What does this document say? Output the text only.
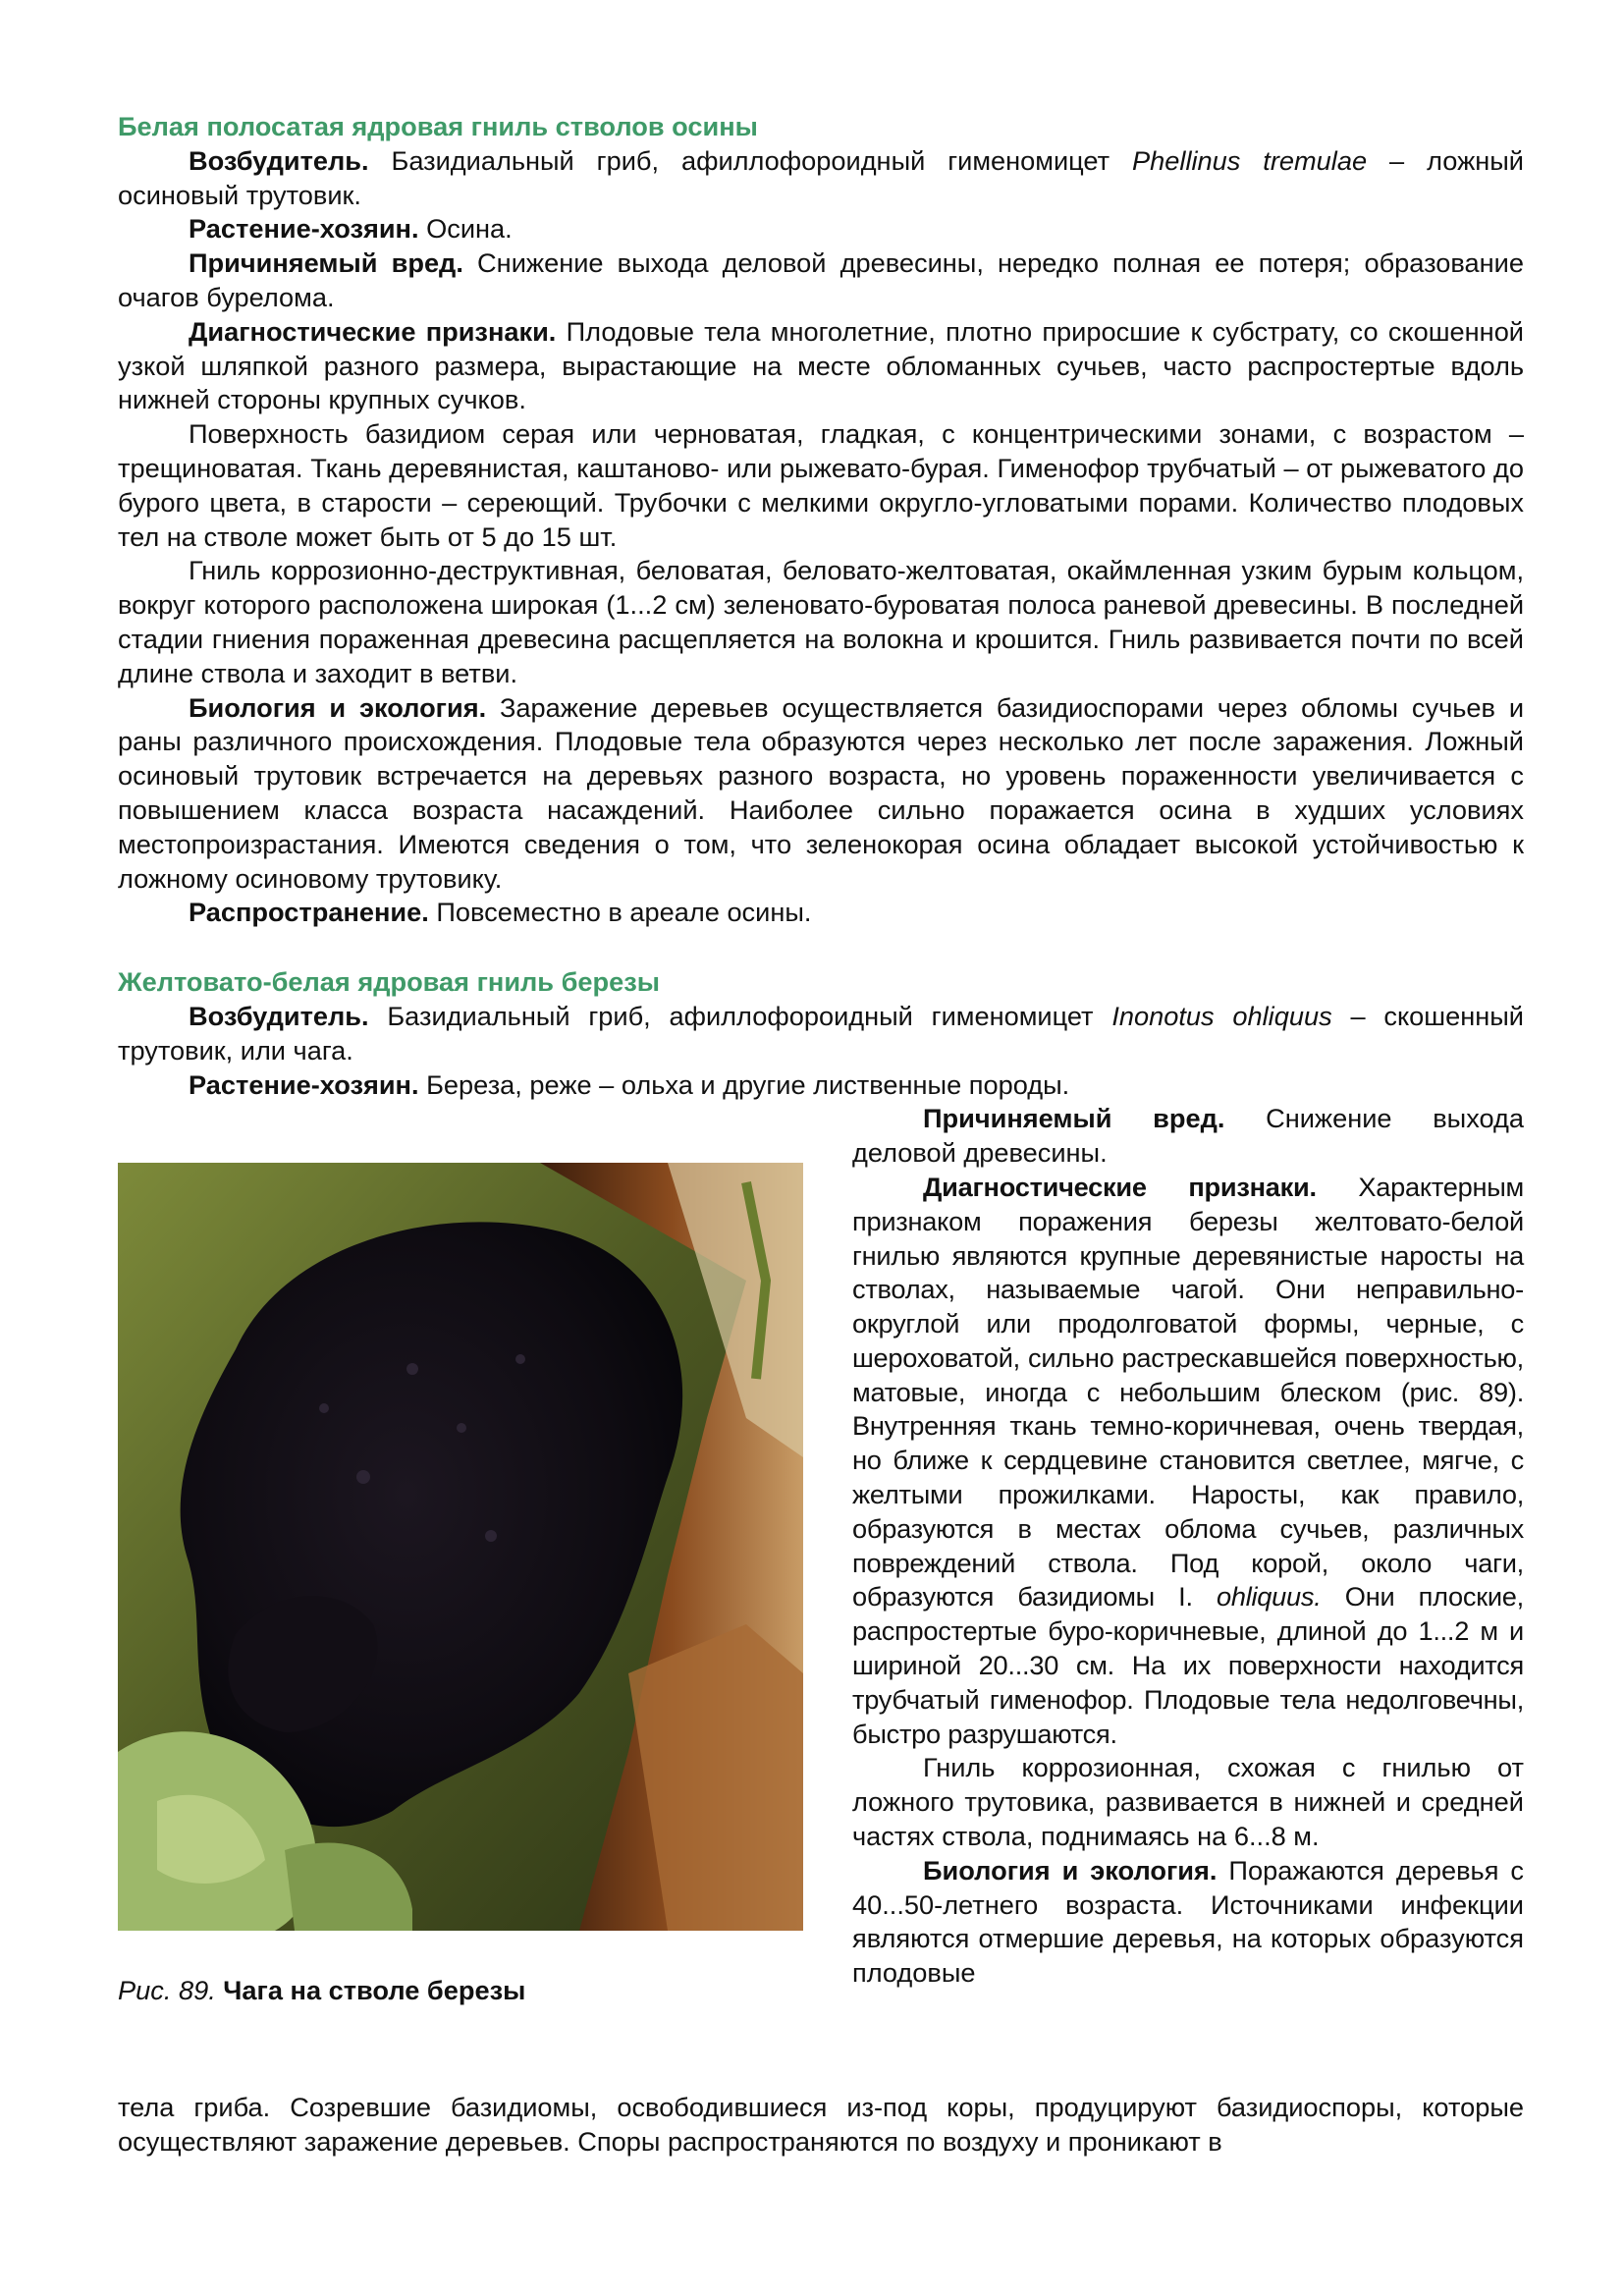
Белая полосатая ядровая гниль стволов осины

Возбудитель. Базидиальный гриб, афиллофороидный гименомицет Phellinus tremulae – ложный осиновый трутовик.

Растение-хозяин. Осина.

Причиняемый вред. Снижение выхода деловой древесины, нередко полная ее потеря; образование очагов бурелома.

Диагностические признаки. Плодовые тела многолетние, плотно приросшие к субстрату, со скошенной узкой шляпкой разного размера, вырастающие на месте обломанных сучьев, часто распростертые вдоль нижней стороны крупных сучков.

Поверхность базидиом серая или черноватая, гладкая, с концентрическими зонами, с возрастом – трещиноватая. Ткань деревянистая, каштаново- или рыжевато-бурая. Гименофор трубчатый – от рыжеватого до бурого цвета, в старости – сереющий. Трубочки с мелкими округло-угловатыми порами. Количество плодовых тел на стволе может быть от 5 до 15 шт.

Гниль коррозионно-деструктивная, беловатая, беловато-желтоватая, окаймленная узким бурым кольцом, вокруг которого расположена широкая (1...2 см) зеленовато-буроватая полоса раневой древесины. В последней стадии гниения пораженная древесина расщепляется на волокна и крошится. Гниль развивается почти по всей длине ствола и заходит в ветви.

Биология и экология. Заражение деревьев осуществляется базидиоспорами через обломы сучьев и раны различного происхождения. Плодовые тела образуются через несколько лет после заражения. Ложный осиновый трутовик встречается на деревьях разного возраста, но уровень пораженности увеличивается с повышением класса возраста насаждений. Наиболее сильно поражается осина в худших условиях местопроизрастания. Имеются сведения о том, что зеленокорая осина обладает высокой устойчивостью к ложному осиновому трутовику.

Распространение. Повсеместно в ареале осины.

Желтовато-белая ядровая гниль березы

Возбудитель. Базидиальный гриб, афиллофороидный гименомицет Inonotus ohliquus – скошенный трутовик, или чага.

Растение-хозяин. Береза, реже – ольха и другие лиственные породы.

Рис. 89. Чага на стволе березы

Причиняемый вред. Снижение выхода деловой древесины.

Диагностические признаки. Характерным признаком поражения березы желтовато-белой гнилью являются крупные деревянистые наросты на стволах, называемые чагой. Они неправильно-округлой или продолговатой формы, черные, с шероховатой, сильно растрескавшейся поверхностью, матовые, иногда с небольшим блеском (рис. 89). Внутренняя ткань темно-коричневая, очень твердая, но ближе к сердцевине становится светлее, мягче, с желтыми прожилками. Наросты, как правило, образуются в местах облома сучьев, различных повреждений ствола. Под корой, около чаги, образуются базидиомы I. ohliquus. Они плоские, распростертые буро-коричневые, длиной до 1...2 м и шириной 20...30 см. На их поверхности находится трубчатый гименофор. Плодовые тела недолговечны, быстро разрушаются.

Гниль коррозионная, схожая с гнилью от ложного трутовика, развивается в нижней и средней частях ствола, поднимаясь на 6...8 м.

Биология и экология. Поражаются деревья с 40...50-летнего возраста. Источниками инфекции являются отмершие деревья, на которых образуются плодовые

тела гриба. Созревшие базидиомы, освободившиеся из-под коры, продуцируют базидиоспоры, которые осуществляют заражение деревьев. Споры распространяются по воздуху и проникают в
